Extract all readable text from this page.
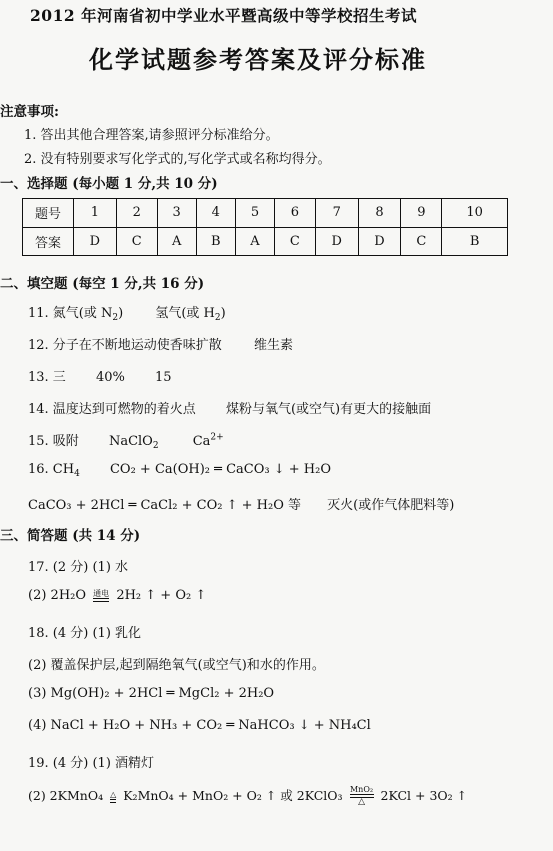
2012 年河南省初中学业水平暨高级中等学校招生考试
化学试题参考答案及评分标准
注意事项:
1. 答出其他合理答案,请参照评分标准给分。
2. 没有特别要求写化学式的,写化学式或名称均得分。
一、选择题 (每小题 1 分,共 10 分)
题号	1	2	3	4	5	6	7	8	9	10
答案	D	C	A	B	A	C	D	D	C	B
二、填空题 (每空 1 分,共 16 分)
11. 氮气(或 $N_2$) 氢气(或 $H_2$)
12. 分子在不断地运动使香味扩散 维生素
13. 三 40% 15
14. 温度达到可燃物的着火点 煤粉与氧气(或空气)有更大的接触面
15. 吸附 NaClO$_2$	$Ca^{2+}$
16. $CH_4$ CO₂ + Ca(OH)₂ ═ CaCO₃ ↓ + H₂O
CaCO₃ + 2HCl ═ CaCl₂ + CO₂ ↑ + H₂O 等 灭火(或作气体肥料等)
三、简答题 (共 14 分)
17. (2 分) (1) 水
(2) 2H₂O 通电 2H₂ ↑ + O₂ ↑
18. (4 分) (1) 乳化
(2) 覆盖保护层,起到隔绝氧气(或空气)和水的作用。
(3) Mg(OH)₂ + 2HCl ═ MgCl₂ + 2H₂O
(4) NaCl + H₂O + NH₃ + CO₂ ═ NaHCO₃ ↓ + NH₄Cl
19. (4 分) (1) 酒精灯
(2) 2KMnO₄ △ K₂MnO₄ + MnO₂ + O₂ ↑ 或 2KClO₃ MnO₂
△	2KCl + 3O₂ ↑
